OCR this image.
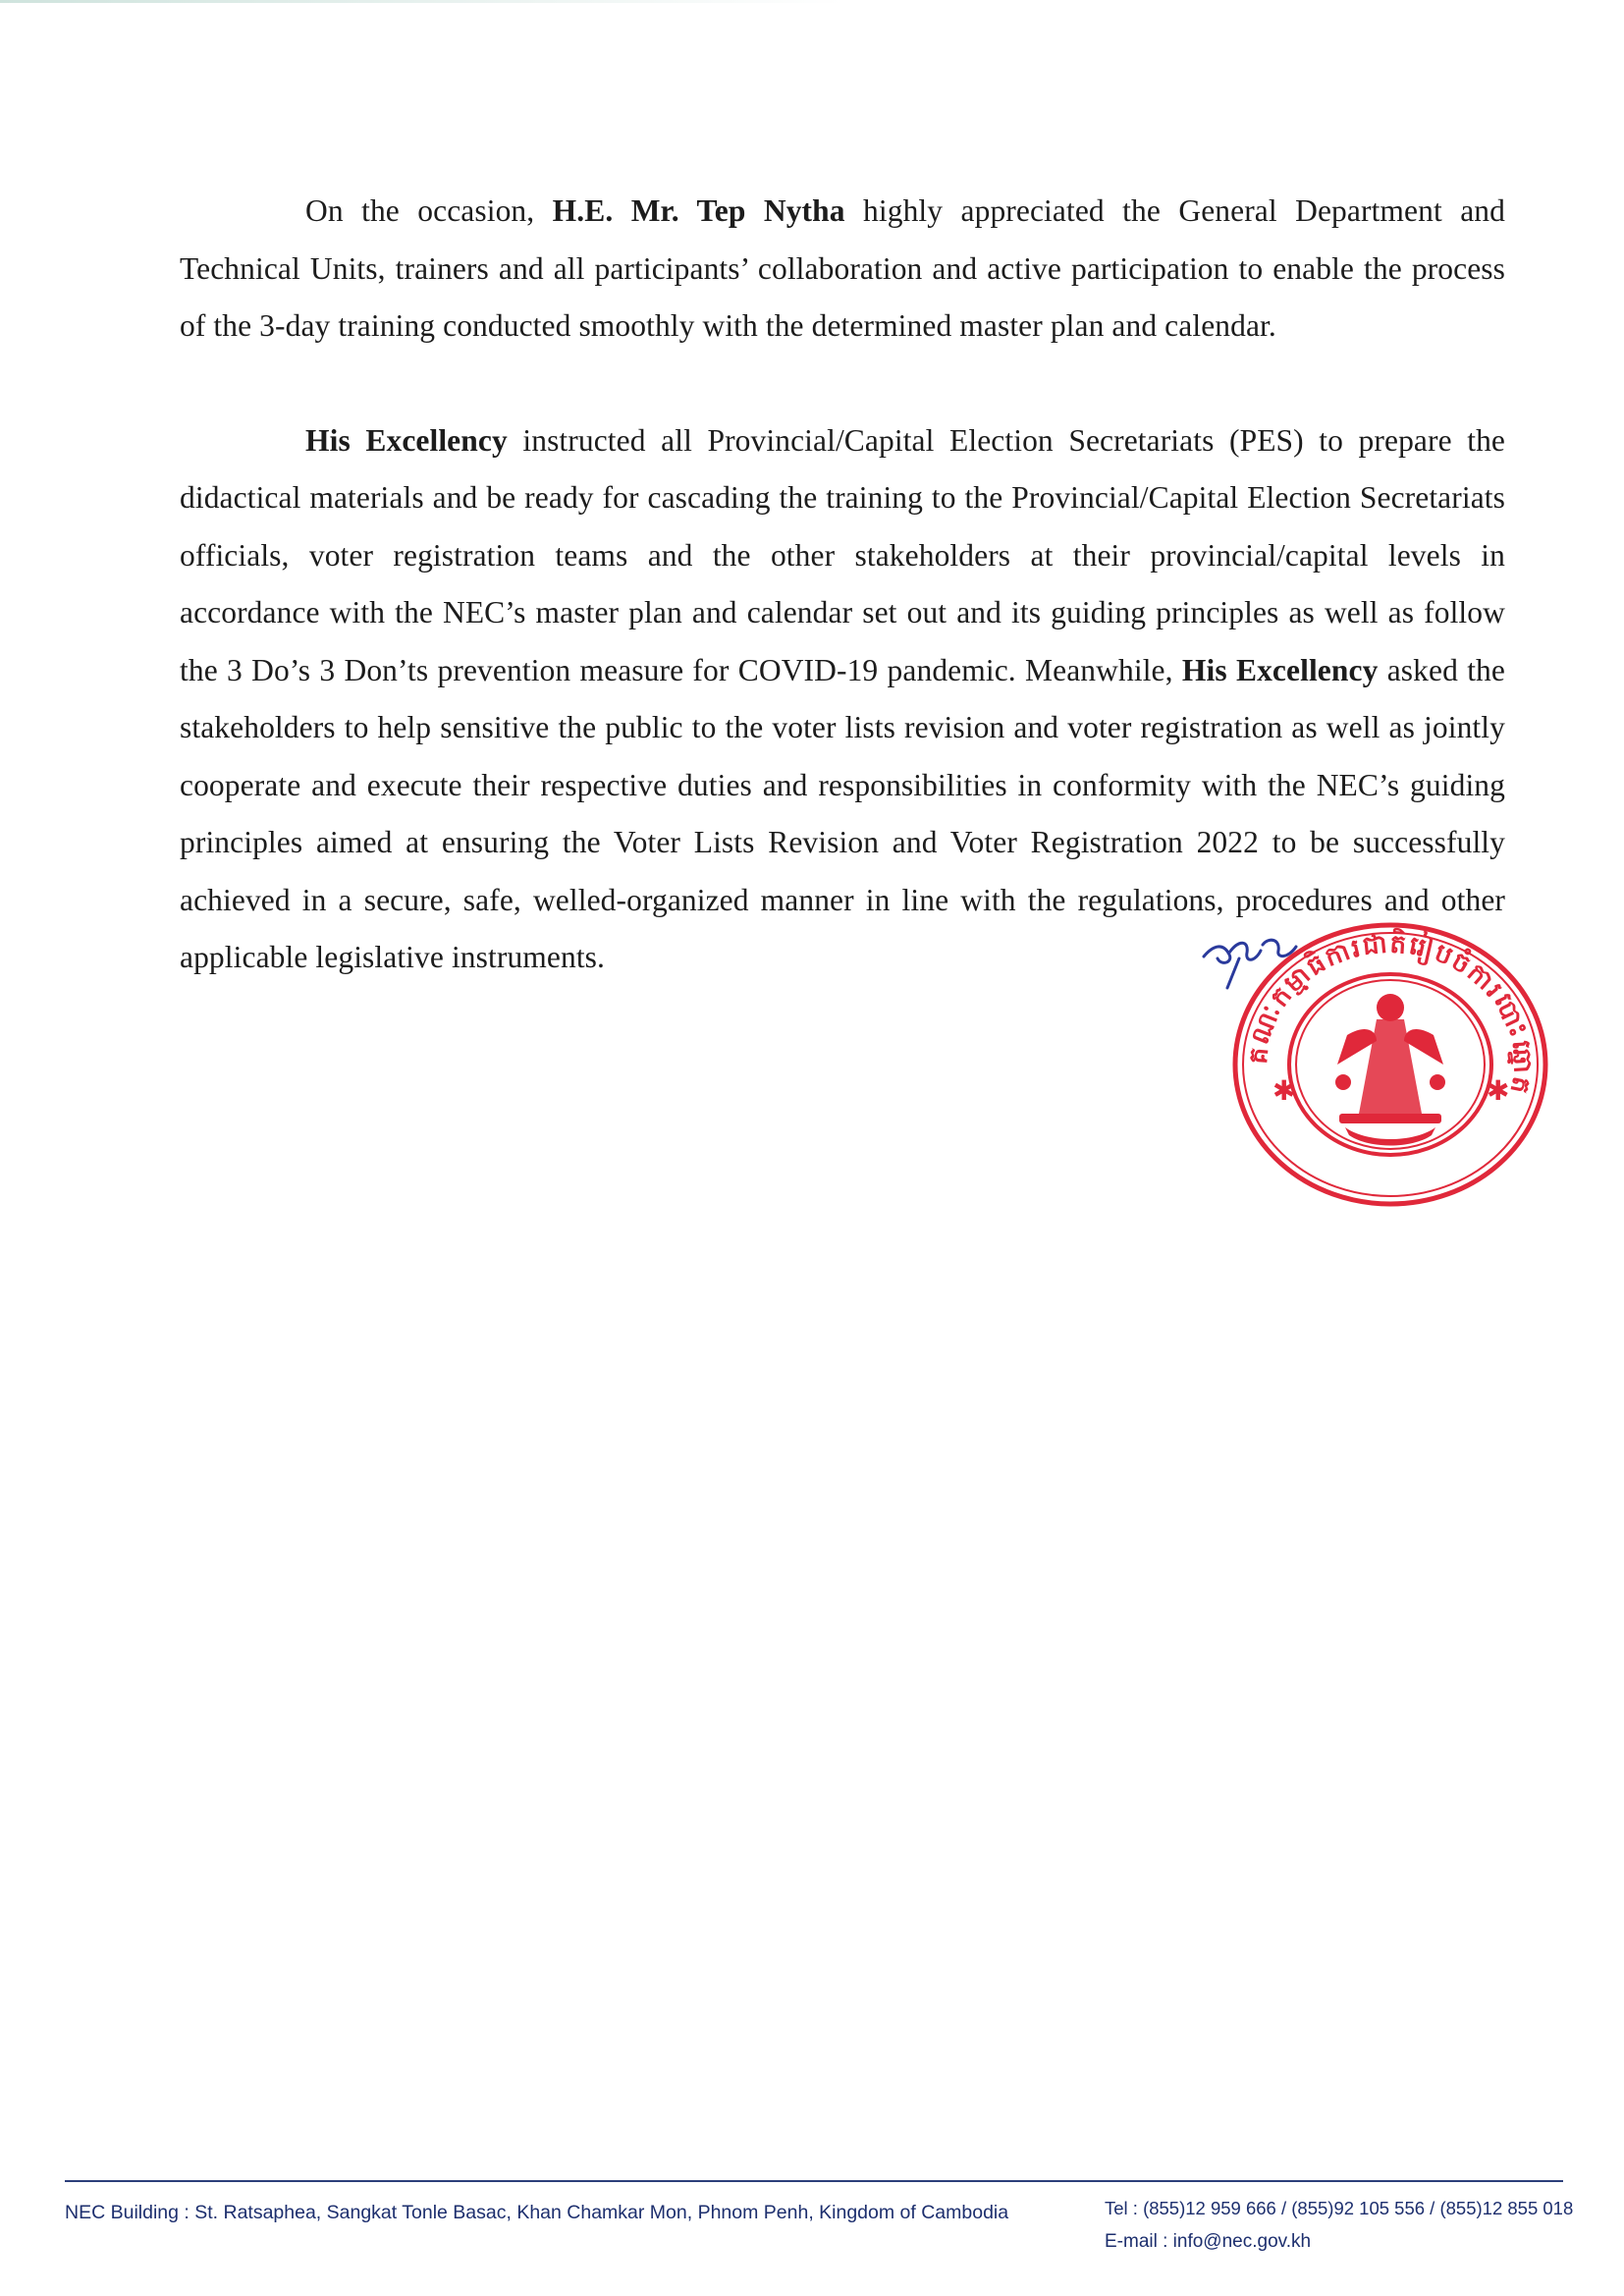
On the occasion, H.E. Mr. Tep Nytha highly appreciated the General Department and Technical Units, trainers and all participants’ collaboration and active participation to enable the process of the 3-day training conducted smoothly with the determined master plan and calendar.

His Excellency instructed all Provincial/Capital Election Secretariats (PES) to prepare the didactical materials and be ready for cascading the training to the Provincial/Capital Election Secretariats officials, voter registration teams and the other stakeholders at their provincial/capital levels in accordance with the NEC’s master plan and calendar set out and its guiding principles as well as follow the 3 Do’s 3 Don’ts prevention measure for COVID-19 pandemic. Meanwhile, His Excellency asked the stakeholders to help sensitive the public to the voter lists revision and voter registration as well as jointly cooperate and execute their respective duties and responsibilities in conformity with the NEC’s guiding principles aimed at ensuring the Voter Lists Revision and Voter Registration 2022 to be successfully achieved in a secure, safe, welled-organized manner in line with the regulations, procedures and other applicable legislative instruments.

គណៈកម្មាធិការជាតិរៀបចំការបោះឆ្នោត
✱	✱
NEC Building : St. Ratsaphea, Sangkat Tonle Basac, Khan Chamkar Mon, Phnom Penh, Kingdom of Cambodia	Tel : (855)12 959 666 / (855)92 105 556 / (855)12 855 018
E-mail : info@nec.gov.kh
